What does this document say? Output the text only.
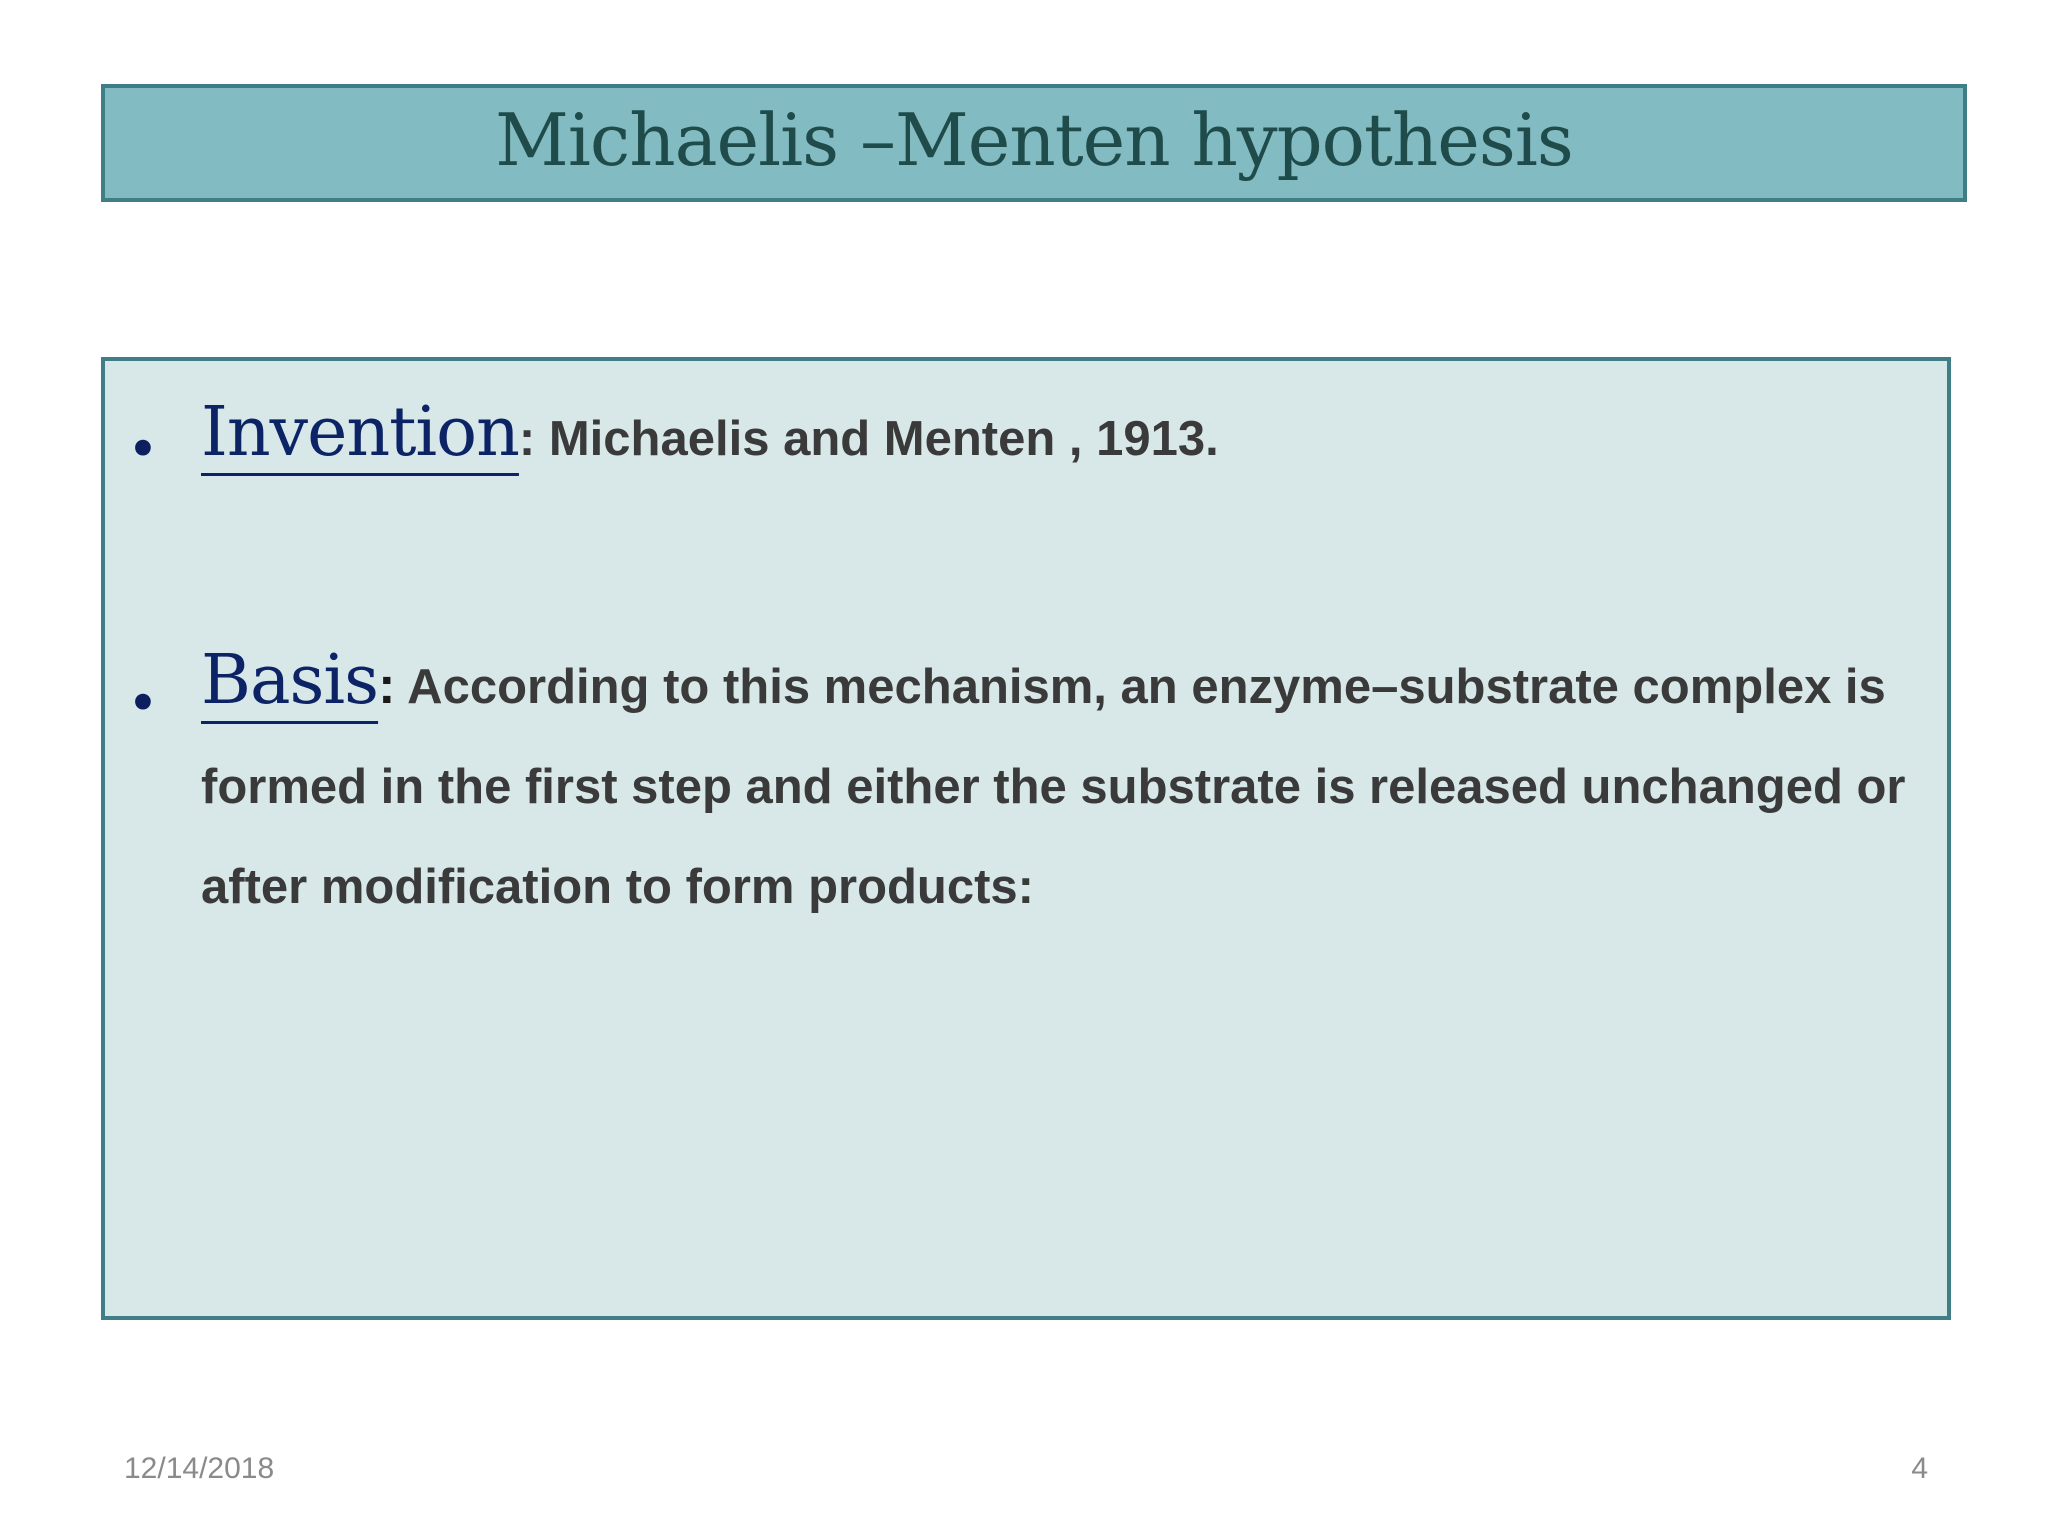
Michaelis –Menten hypothesis
• Invention: Michaelis and Menten , 1913.
• Basis: According to this mechanism, an enzyme–substrate complex is formed in the first step and either the substrate is released unchanged or after modification to form products:
12/14/2018	4
